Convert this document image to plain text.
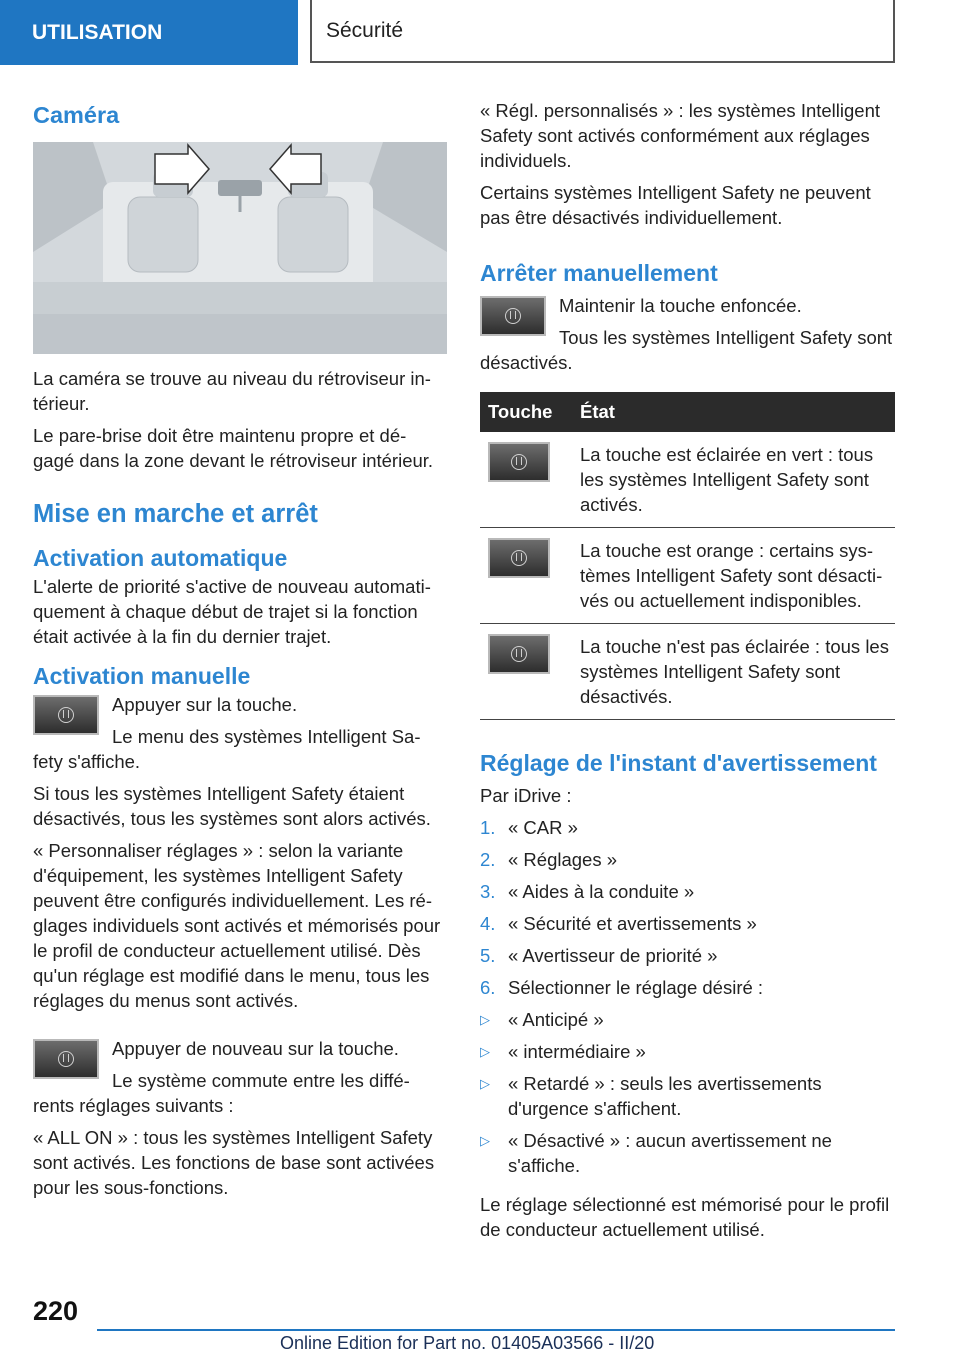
UTILISATION	Sécurité
Caméra

La caméra se trouve au niveau du rétroviseur in-térieur.

Le pare-brise doit être maintenu propre et dé-gagé dans la zone devant le rétroviseur intérieur.

Mise en marche et arrêt
Activation automatique

L'alerte de priorité s'active de nouveau automati-quement à chaque début de trajet si la fonction était activée à la fin du dernier trajet.

Activation manuelle

Appuyer sur la touche.

Le menu des systèmes Intelligent Sa-fety s'affiche.

Si tous les systèmes Intelligent Safety étaient désactivés, tous les systèmes sont alors activés.

« Personnaliser réglages » : selon la variante d'équipement, les systèmes Intelligent Safety peuvent être configurés individuellement. Les ré-glages individuels sont activés et mémorisés pour le profil de conducteur actuellement utilisé. Dès qu'un réglage est modifié dans le menu, tous les réglages du menus sont activés.

Appuyer de nouveau sur la touche.

Le système commute entre les diffé-rents réglages suivants :

« ALL ON » : tous les systèmes Intelligent Safety sont activés. Les fonctions de base sont activées pour les sous-fonctions.

« Régl. personnalisés » : les systèmes Intelligent Safety sont activés conformément aux réglages individuels.

Certains systèmes Intelligent Safety ne peuvent pas être désactivés individuellement.

Arrêter manuellement

Maintenir la touche enfoncée.

Tous les systèmes Intelligent Safety sont désactivés.

Touche	État

	La touche est éclairée en vert : tous les systèmes Intelligent Safety sont activés.

	La touche est orange : certains sys-tèmes Intelligent Safety sont désacti-vés ou actuellement indisponibles.

	La touche n'est pas éclairée : tous les systèmes Intelligent Safety sont désactivés.
Réglage de l'instant d'avertissement

Par iDrive :

1. « CAR »
2. « Réglages »
3. « Aides à la conduite »
4. « Sécurité et avertissements »
5. « Avertisseur de priorité »
6. Sélectionner le réglage désiré :
▷ « Anticipé »
▷ « intermédiaire »
▷ « Retardé » : seuls les avertissements d'urgence s'affichent.
▷ « Désactivé » : aucun avertissement ne s'affiche.

Le réglage sélectionné est mémorisé pour le profil de conducteur actuellement utilisé.

220
Online Edition for Part no. 01405A03566 - II/20
